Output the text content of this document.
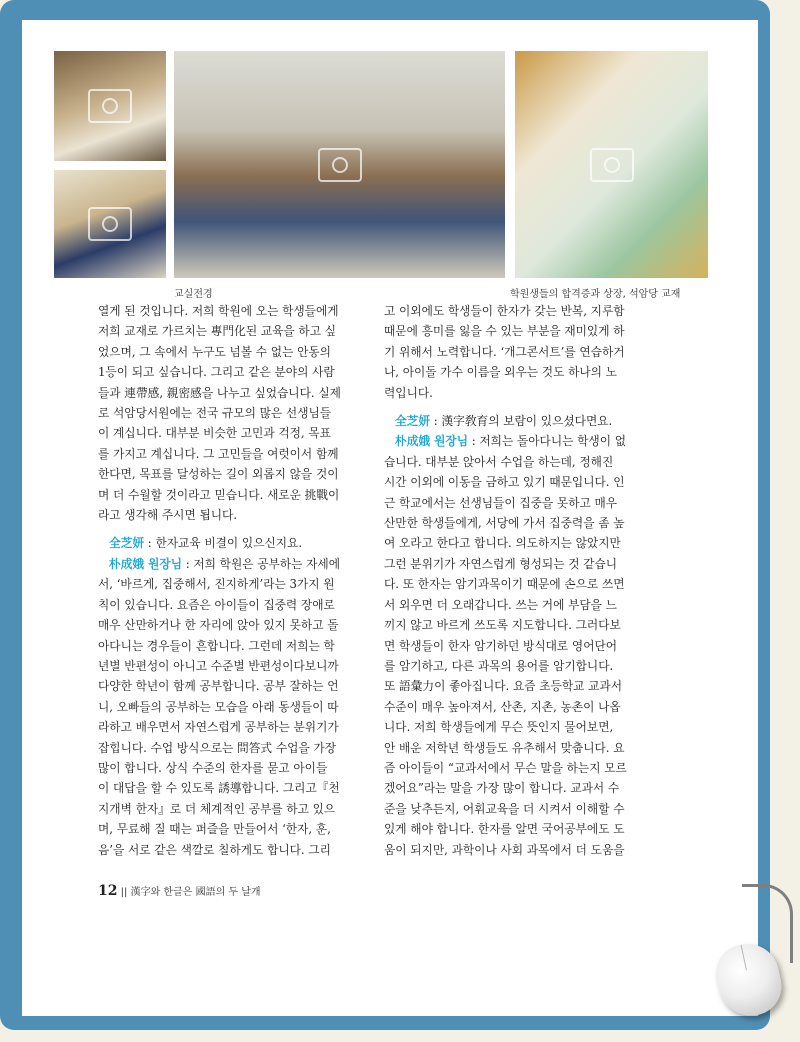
교실전경	학원생들의 합격증과 상장, 석암당 교재
열게 된 것입니다. 저희 학원에 오는 학생들에게
저희 교재로 가르치는 專門化된 교육을 하고 싶
었으며, 그 속에서 누구도 넘볼 수 없는 안동의
1등이 되고 싶습니다. 그리고 같은 분야의 사람
들과 連帶感, 親密感을 나누고 싶었습니다. 실제
로 석암당서원에는 전국 규모의 많은 선생님들
이 계십니다. 대부분 비슷한 고민과 걱정, 목표
를 가지고 계십니다. 그 고민들을 여럿이서 함께
한다면, 목표를 달성하는 길이 외롭지 않을 것이
며 더 수월할 것이라고 믿습니다. 새로운 挑戰이
라고 생각해 주시면 됩니다.
全芝妍 : 한자교육 비결이 있으신지요.
朴成娥 원장님 : 저희 학원은 공부하는 자세에
서, ‘바르게, 집중해서, 진지하게’라는 3가지 원
칙이 있습니다. 요즘은 아이들이 집중력 장애로
매우 산만하거나 한 자리에 앉아 있지 못하고 돌
아다니는 경우들이 흔합니다. 그런데 저희는 학
년별 반편성이 아니고 수준별 반편성이다보니까
다양한 학년이 함께 공부합니다. 공부 잘하는 언
니, 오빠들의 공부하는 모습을 아래 동생들이 따
라하고 배우면서 자연스럽게 공부하는 분위기가
잡힙니다. 수업 방식으로는 問答式 수업을 가장
많이 합니다. 상식 수준의 한자를 묻고 아이들
이 대답을 할 수 있도록 誘導합니다. 그리고『천
지개벽 한자』로 더 체계적인 공부를 하고 있으
며, 무료해 질 때는 퍼즐을 만들어서 ‘한자, 훈,
음’을 서로 같은 색깔로 칠하게도 합니다. 그리
고 이외에도 학생들이 한자가 갖는 반복, 지루함
때문에 흥미를 잃을 수 있는 부분을 재미있게 하
기 위해서 노력합니다. ‘개그콘서트’를 연습하거
나, 아이돌 가수 이름을 외우는 것도 하나의 노
력입니다.
全芝妍 : 漢字敎育의 보람이 있으셨다면요.
朴成娥 원장님 : 저희는 돌아다니는 학생이 없
습니다. 대부분 앉아서 수업을 하는데, 정해진
시간 이외에 이동을 금하고 있기 때문입니다. 인
근 학교에서는 선생님들이 집중을 못하고 매우
산만한 학생들에게, 서당에 가서 집중력을 좀 높
여 오라고 한다고 합니다. 의도하지는 않았지만
그런 분위기가 자연스럽게 형성되는 것 같습니
다. 또 한자는 암기과목이기 때문에 손으로 쓰면
서 외우면 더 오래갑니다. 쓰는 거에 부담을 느
끼지 않고 바르게 쓰도록 지도합니다. 그러다보
면 학생들이 한자 암기하던 방식대로 영어단어
를 암기하고, 다른 과목의 용어를 암기합니다.
또 語彙力이 좋아집니다. 요즘 초등학교 교과서
수준이 매우 높아져서, 산촌, 지촌, 농촌이 나옵
니다. 저희 학생들에게 무슨 뜻인지 물어보면,
안 배운 저학년 학생들도 유추해서 맞춥니다. 요
즘 아이들이 “교과서에서 무슨 말을 하는지 모르
겠어요”라는 말을 가장 많이 합니다. 교과서 수
준을 낮추든지, 어휘교육을 더 시켜서 이해할 수
있게 해야 합니다. 한자를 알면 국어공부에도 도
움이 되지만, 과학이나 사회 과목에서 더 도움을
12 || 漢字와 한글은 國語의 두 날개
